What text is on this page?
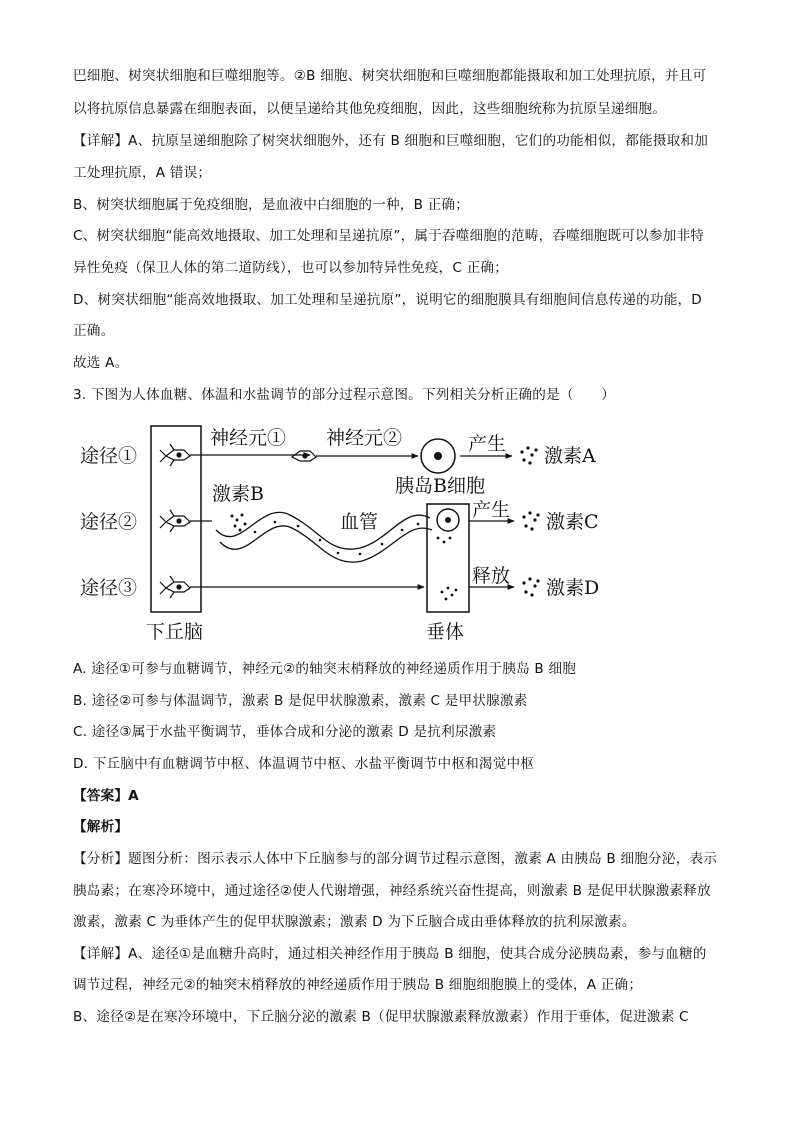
巴细胞、树突状细胞和巨噬细胞等。②B 细胞、树突状细胞和巨噬细胞都能摄取和加工处理抗原，并且可
以将抗原信息暴露在细胞表面，以便呈递给其他免疫细胞，因此，这些细胞统称为抗原呈递细胞。
【详解】A、抗原呈递细胞除了树突状细胞外，还有 B 细胞和巨噬细胞，它们的功能相似，都能摄取和加
工处理抗原，A 错误；
B、树突状细胞属于免疫细胞，是血液中白细胞的一种，B 正确；
C、树突状细胞“能高效地摄取、加工处理和呈递抗原”，属于吞噬细胞的范畴，吞噬细胞既可以参加非特
异性免疫（保卫人体的第二道防线），也可以参加特异性免疫，C 正确；
D、树突状细胞“能高效地摄取、加工处理和呈递抗原”，说明它的细胞膜具有细胞间信息传递的功能，D
正确。
故选 A。
3. 下图为人体血糖、体温和水盐调节的部分过程示意图。下列相关分析正确的是（　　）
途径①
途径②
途径③
神经元① 神经元②
胰岛B细胞
产生
激素A
激素B
血管
产生
激素C
释放
激素D
下丘脑	垂体
A. 途径①可参与血糖调节，神经元②的轴突末梢释放的神经递质作用于胰岛 B 细胞
B. 途径②可参与体温调节，激素 B 是促甲状腺激素，激素 C 是甲状腺激素
C. 途径③属于水盐平衡调节，垂体合成和分泌的激素 D 是抗利尿激素
D. 下丘脑中有血糖调节中枢、体温调节中枢、水盐平衡调节中枢和渴觉中枢
【答案】A
【解析】
【分析】题图分析：图示表示人体中下丘脑参与的部分调节过程示意图，激素 A 由胰岛 B 细胞分泌，表示
胰岛素；在寒冷环境中，通过途径②使人代谢增强，神经系统兴奋性提高，则激素 B 是促甲状腺激素释放
激素，激素 C 为垂体产生的促甲状腺激素；激素 D 为下丘脑合成由垂体释放的抗利尿激素。
【详解】A、途径①是血糖升高时，通过相关神经作用于胰岛 B 细胞，使其合成分泌胰岛素，参与血糖的
调节过程，神经元②的轴突末梢释放的神经递质作用于胰岛 B 细胞细胞膜上的受体，A 正确；
B、途径②是在寒冷环境中，下丘脑分泌的激素 B（促甲状腺激素释放激素）作用于垂体，促进激素 C
